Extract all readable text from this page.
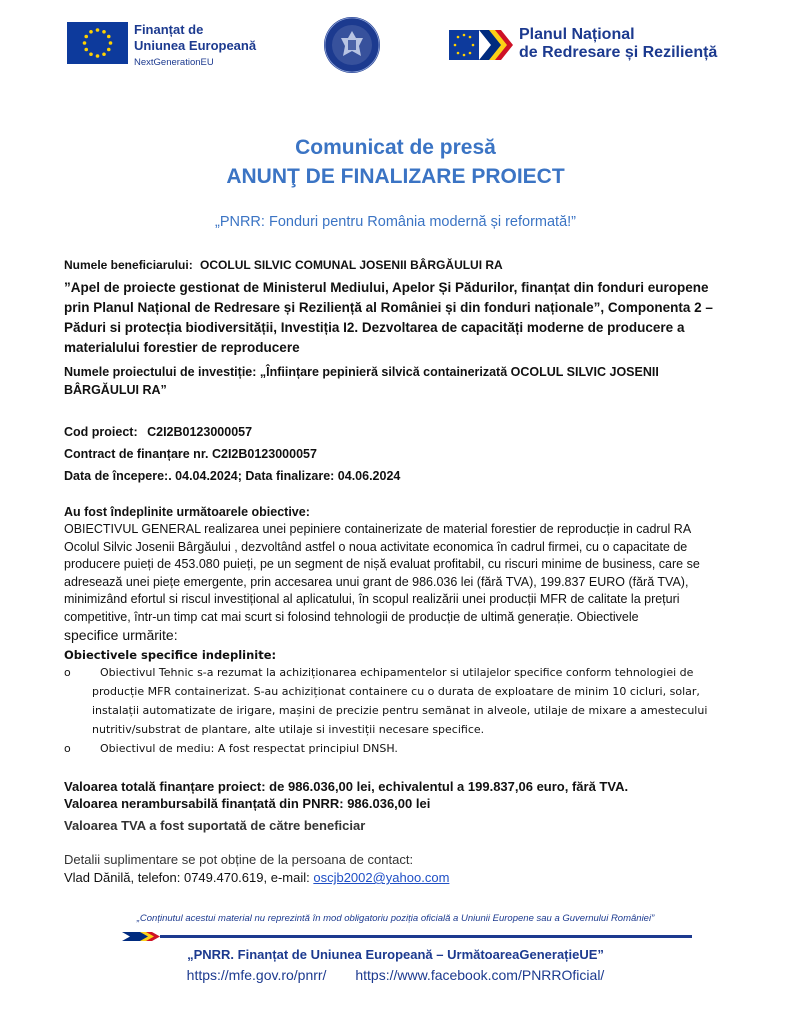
Finanțat de
Uniunea Europeană
NextGenerationEU
Planul Național
de Redresare și Reziliență
Comunicat de presă
ANUNŢ DE FINALIZARE PROIECT
„PNRR: Fonduri pentru România modernă și reformată!”
Numele beneficiarului: OCOLUL SILVIC COMUNAL JOSENII BÂRGĂULUI RA
”Apel de proiecte gestionat de Ministerul Mediului, Apelor Și Pădurilor, finanțat din fonduri europene
prin Planul Național de Redresare și Reziliență al României și din fonduri naționale”, Componenta 2 –
Păduri si protecția biodiversității, Investiția I2. Dezvoltarea de capacități moderne de producere a
materialului forestier de reproducere
Numele proiectului de investiție: „Înființare pepinieră silvică containerizată OCOLUL SILVIC JOSENII
BÂRGĂULUI RA”
Cod proiect: C2I2B0123000057
Contract de finanțare nr. C2I2B0123000057
Data de începere:. 04.04.2024; Data finalizare: 04.06.2024
Au fost îndeplinite următoarele obiective:
OBIECTIVUL GENERAL realizarea unei pepiniere containerizate de material forestier de reproducție in cadrul RA
Ocolul Silvic Josenii Bârgăului , dezvoltând astfel o noua activitate economica în cadrul firmei, cu o capacitate de
producere puieți de 453.080 puieți, pe un segment de nișă evaluat profitabil, cu riscuri minime de business, care se
adresează unei piețe emergente, prin accesarea unui grant de 986.036 lei (fără TVA), 199.837 EURO (fără TVA),
minimizând efortul si riscul investițional al aplicatului, în scopul realizării unei producții MFR de calitate la prețuri
competitive, într-un timp cat mai scurt si folosind tehnologii de producție de ultimă generație. Obiectivele
specifice urmărite:
Obiectivele specifice indeplinite:
o	Obiectivul Tehnic s-a rezumat la achiziționarea echipamentelor si utilajelor specifice conform tehnologiei de
producție MFR containerizat. S-au achiziționat containere cu o durata de exploatare de minim 10 cicluri, solar,
instalații automatizate de irigare, mașini de precizie pentru semănat in alveole, utilaje de mixare a amestecului
nutritiv/substrat de plantare, alte utilaje si investiții necesare specifice.
o	Obiectivul de mediu: A fost respectat principiul DNSH.
Valoarea totală finanțare proiect: de 986.036,00 lei, echivalentul a 199.837,06 euro, fără TVA.
Valoarea nerambursabilă finanțată din PNRR: 986.036,00 lei
Valoarea TVA a fost suportată de către beneficiar
Detalii suplimentare se pot obține de la persoana de contact:
Vlad Dănilă, telefon: 0749.470.619, e-mail: oscjb2002@yahoo.com
„Conținutul acestui material nu reprezintă în mod obligatoriu poziția oficială a Uniunii Europene sau a Guvernului României”
„PNRR. Finanțat de Uniunea Europeană – UrmătoareaGenerațieUE”
https://mfe.gov.ro/pnrr/ https://www.facebook.com/PNRROficial/
